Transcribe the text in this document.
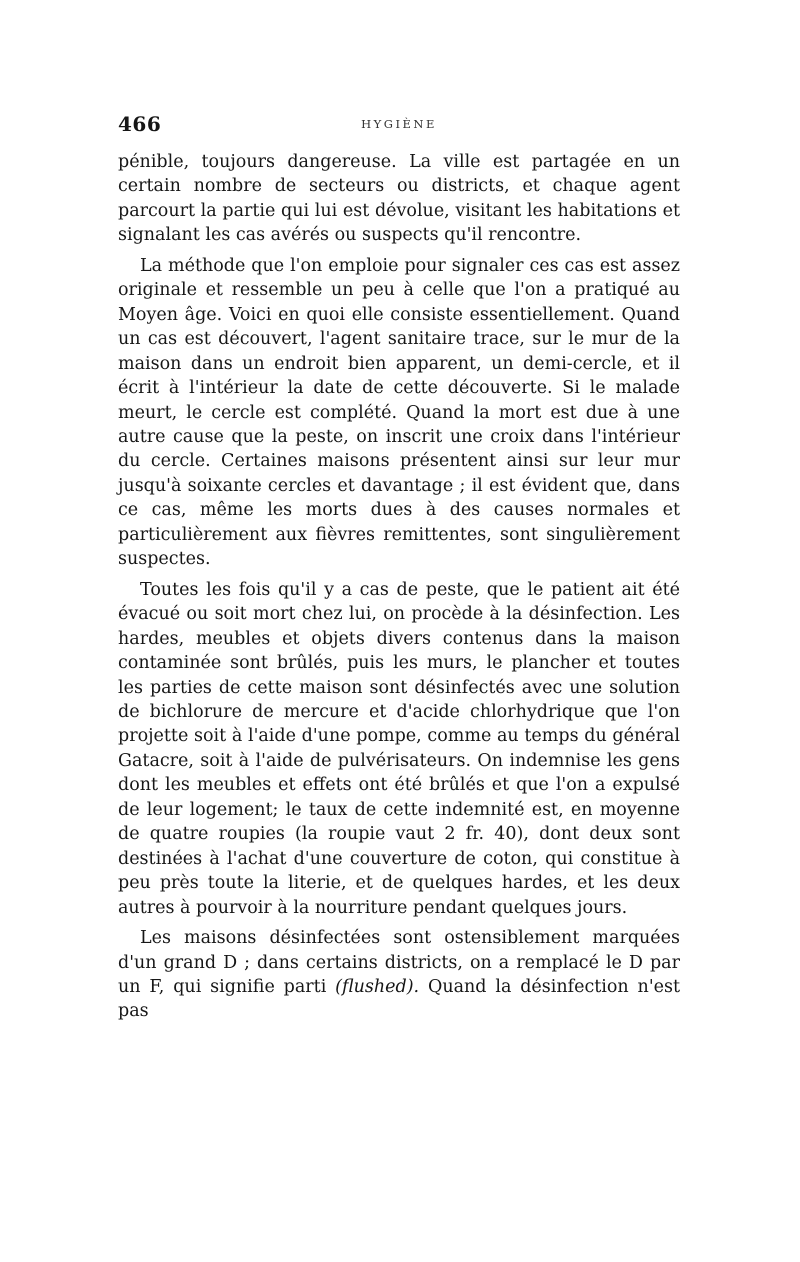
466	HYGIÈNE

pénible, toujours dangereuse. La ville est partagée en un certain nombre de secteurs ou districts, et chaque agent parcourt la partie qui lui est dévolue, visitant les habitations et signalant les cas avérés ou suspects qu'il rencontre.

La méthode que l'on emploie pour signaler ces cas est assez originale et ressemble un peu à celle que l'on a pratiqué au Moyen âge. Voici en quoi elle consiste essentiellement. Quand un cas est découvert, l'agent sanitaire trace, sur le mur de la maison dans un endroit bien apparent, un demi-cercle, et il écrit à l'intérieur la date de cette découverte. Si le malade meurt, le cercle est complété. Quand la mort est due à une autre cause que la peste, on inscrit une croix dans l'intérieur du cercle. Certaines maisons présentent ainsi sur leur mur jusqu'à soixante cercles et davantage ; il est évident que, dans ce cas, même les morts dues à des causes normales et particulièrement aux fièvres remittentes, sont singulièrement suspectes.

Toutes les fois qu'il y a cas de peste, que le patient ait été évacué ou soit mort chez lui, on procède à la désinfection. Les hardes, meubles et objets divers contenus dans la maison contaminée sont brûlés, puis les murs, le plancher et toutes les parties de cette maison sont désinfectés avec une solution de bichlorure de mercure et d'acide chlorhydrique que l'on projette soit à l'aide d'une pompe, comme au temps du général Gatacre, soit à l'aide de pulvérisateurs. On indemnise les gens dont les meubles et effets ont été brûlés et que l'on a expulsé de leur logement; le taux de cette indemnité est, en moyenne de quatre roupies (la roupie vaut 2 fr. 40), dont deux sont destinées à l'achat d'une couverture de coton, qui constitue à peu près toute la literie, et de quelques hardes, et les deux autres à pourvoir à la nourriture pendant quelques jours.

Les maisons désinfectées sont ostensiblement marquées d'un grand D ; dans certains districts, on a remplacé le D par un F, qui signifie parti (flushed). Quand la désinfection n'est pas
